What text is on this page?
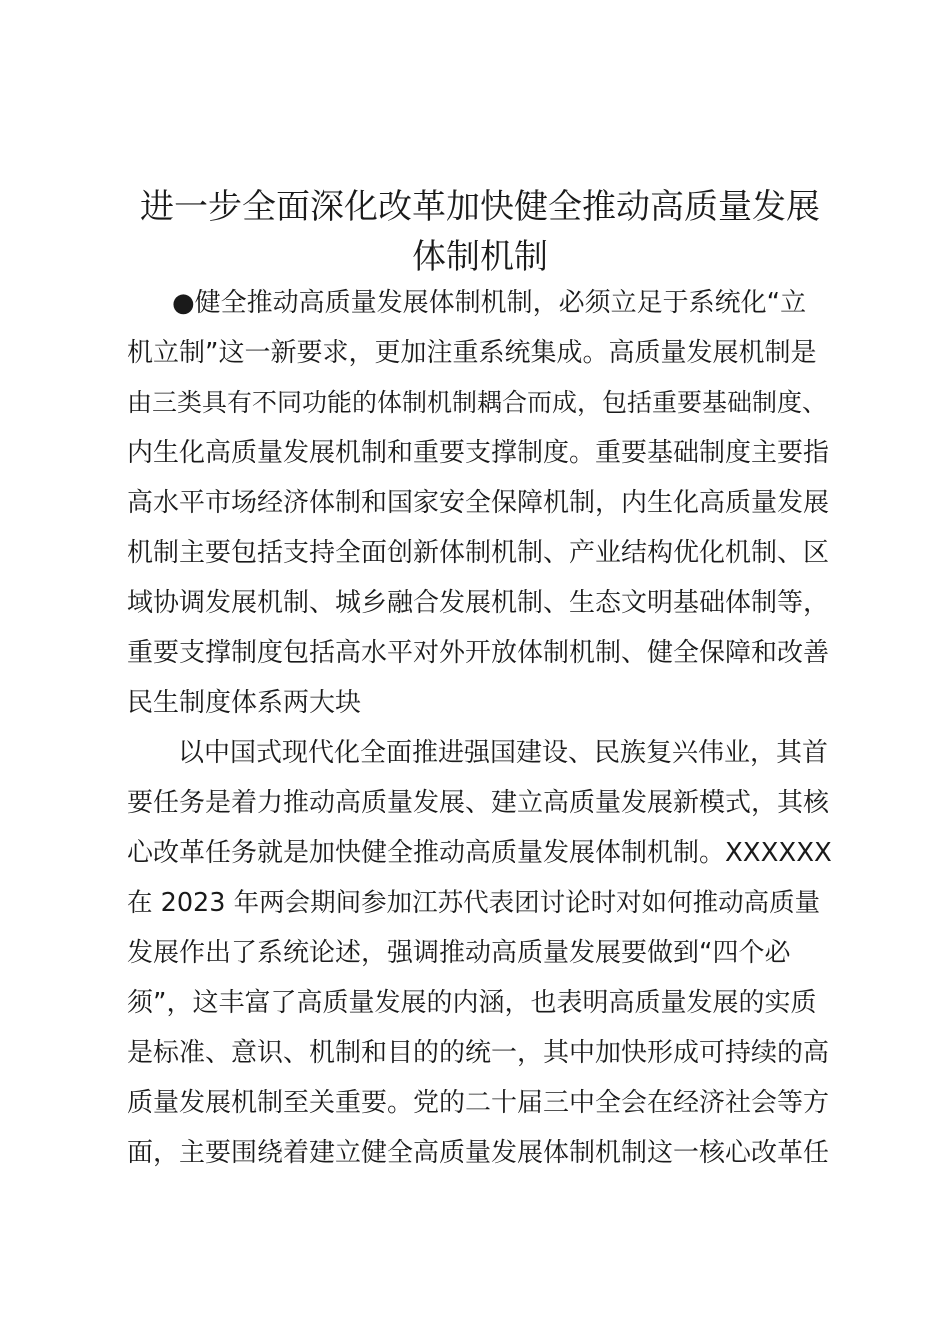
进一步全面深化改革加快健全推动高质量发展
体制机制
●健全推动高质量发展体制机制，必须立足于系统化“立
机立制”这一新要求，更加注重系统集成。高质量发展机制是
由三类具有不同功能的体制机制耦合而成，包括重要基础制度、
内生化高质量发展机制和重要支撑制度。重要基础制度主要指
高水平市场经济体制和国家安全保障机制，内生化高质量发展
机制主要包括支持全面创新体制机制、产业结构优化机制、区
域协调发展机制、城乡融合发展机制、生态文明基础体制等，
重要支撑制度包括高水平对外开放体制机制、健全保障和改善
民生制度体系两大块
以中国式现代化全面推进强国建设、民族复兴伟业，其首
要任务是着力推动高质量发展、建立高质量发展新模式，其核
心改革任务就是加快健全推动高质量发展体制机制。XXXXXX
在 2023 年两会期间参加江苏代表团讨论时对如何推动高质量
发展作出了系统论述，强调推动高质量发展要做到“四个必
须”，这丰富了高质量发展的内涵，也表明高质量发展的实质
是标准、意识、机制和目的的统一，其中加快形成可持续的高
质量发展机制至关重要。党的二十届三中全会在经济社会等方
面，主要围绕着建立健全高质量发展体制机制这一核心改革任
